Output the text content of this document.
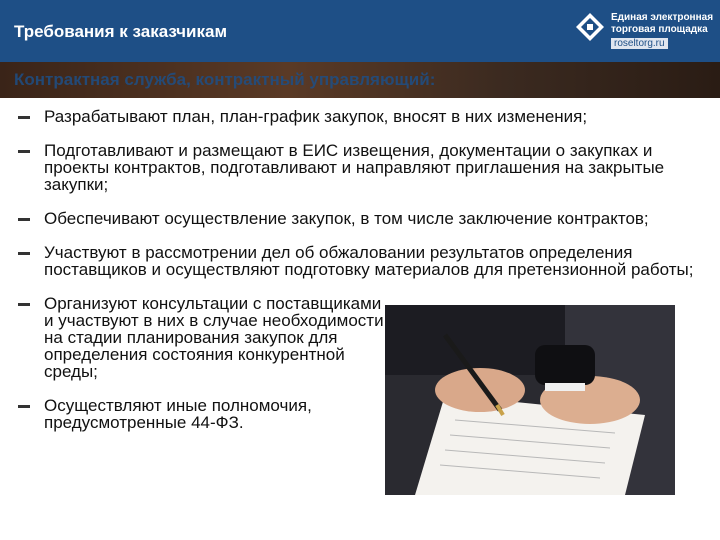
Требования к заказчикам
Единая электронная
торговая площадка
roseltorg.ru
Контрактная служба, контрактный управляющий:
Разрабатывают план, план-график закупок, вносят в них изменения;
Подготавливают и размещают в ЕИС извещения, документации о закупках и проекты контрактов, подготавливают и направляют приглашения на закрытые закупки;
Обеспечивают осуществление закупок, в том числе заключение контрактов;
Участвуют в рассмотрении дел об обжаловании результатов определения поставщиков и осуществляют подготовку материалов для претензионной работы;
Организуют консультации с поставщиками и участвуют в них в случае необходимости на стадии планирования закупок для определения состояния конкурентной среды;
Осуществляют иные полномочия, предусмотренные 44-ФЗ.
